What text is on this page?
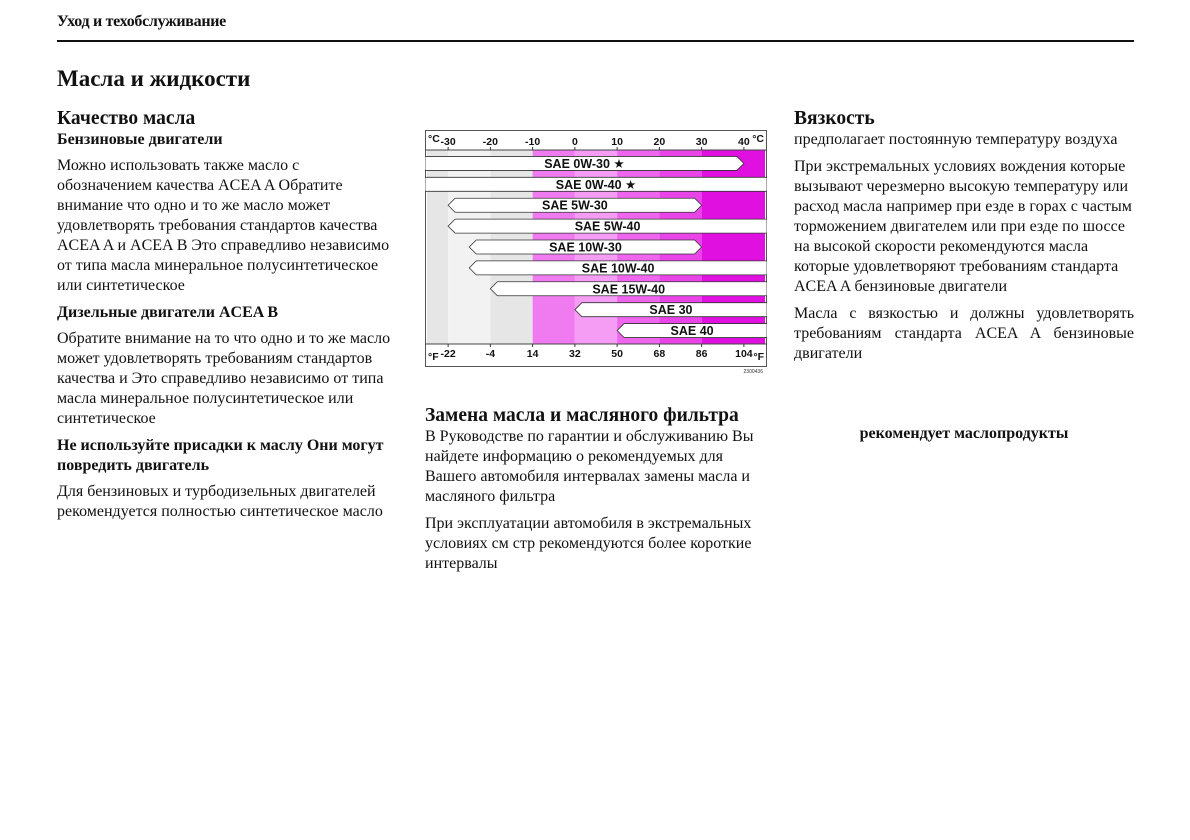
Уход и техобслуживание
Масла и жидкости
Качество масла
Бензиновые двигатели

Можно использовать также масло с обозначением качества ACEA A Обратите внимание что одно и то же масло может удовлетворять требования стандартов качества ACEA A и ACEA B Это справедливо независимо от типа масла минеральное полусинтетическое или синтетическое

Дизельные двигатели ACEA B

Обратите внимание на то что одно и то же масло может удовлетворять требованиям стандартов качества и Это справедливо независимо от типа масла минеральное полусинтетическое или синтетическое

Не используйте присадки к маслу Они могут повредить двигатель

Для бензиновых и турбодизельных двигателей рекомендуется полностью синтетическое масло

SAE 0W-30 ★
SAE 0W-40 ★
SAE 5W-30
SAE 5W-40
SAE 10W-30
SAE 10W-40
SAE 15W-40
SAE 30
SAE 40
-30	-20	-10	0	10	20	30	40
-22	-4	14	32	50	68	86	104
°C	°C
°F	°F
2300436
Замена масла и масляного фильтра

В Руководстве по гарантии и обслуживанию Вы найдете информацию о рекомендуемых для Вашего автомобиля интервалах замены масла и масляного фильтра

При эксплуатации автомобиля в экстремальных условиях см стр рекомендуются более короткие интервалы

Вязкость

предполагает постоянную температуру воздуха

При экстремальных условиях вождения которые вызывают черезмерно высокую температуру или расход масла например при езде в горах с частым торможением двигателем или при езде по шоссе на высокой скорости рекомендуются масла которые удовлетворяют требованиям стандарта ACEA A бензиновые двигатели

Масла с вязкостью и должны удовлетворять требованиям стандарта ACEA A бензиновые двигатели

рекомендует маслопродукты
